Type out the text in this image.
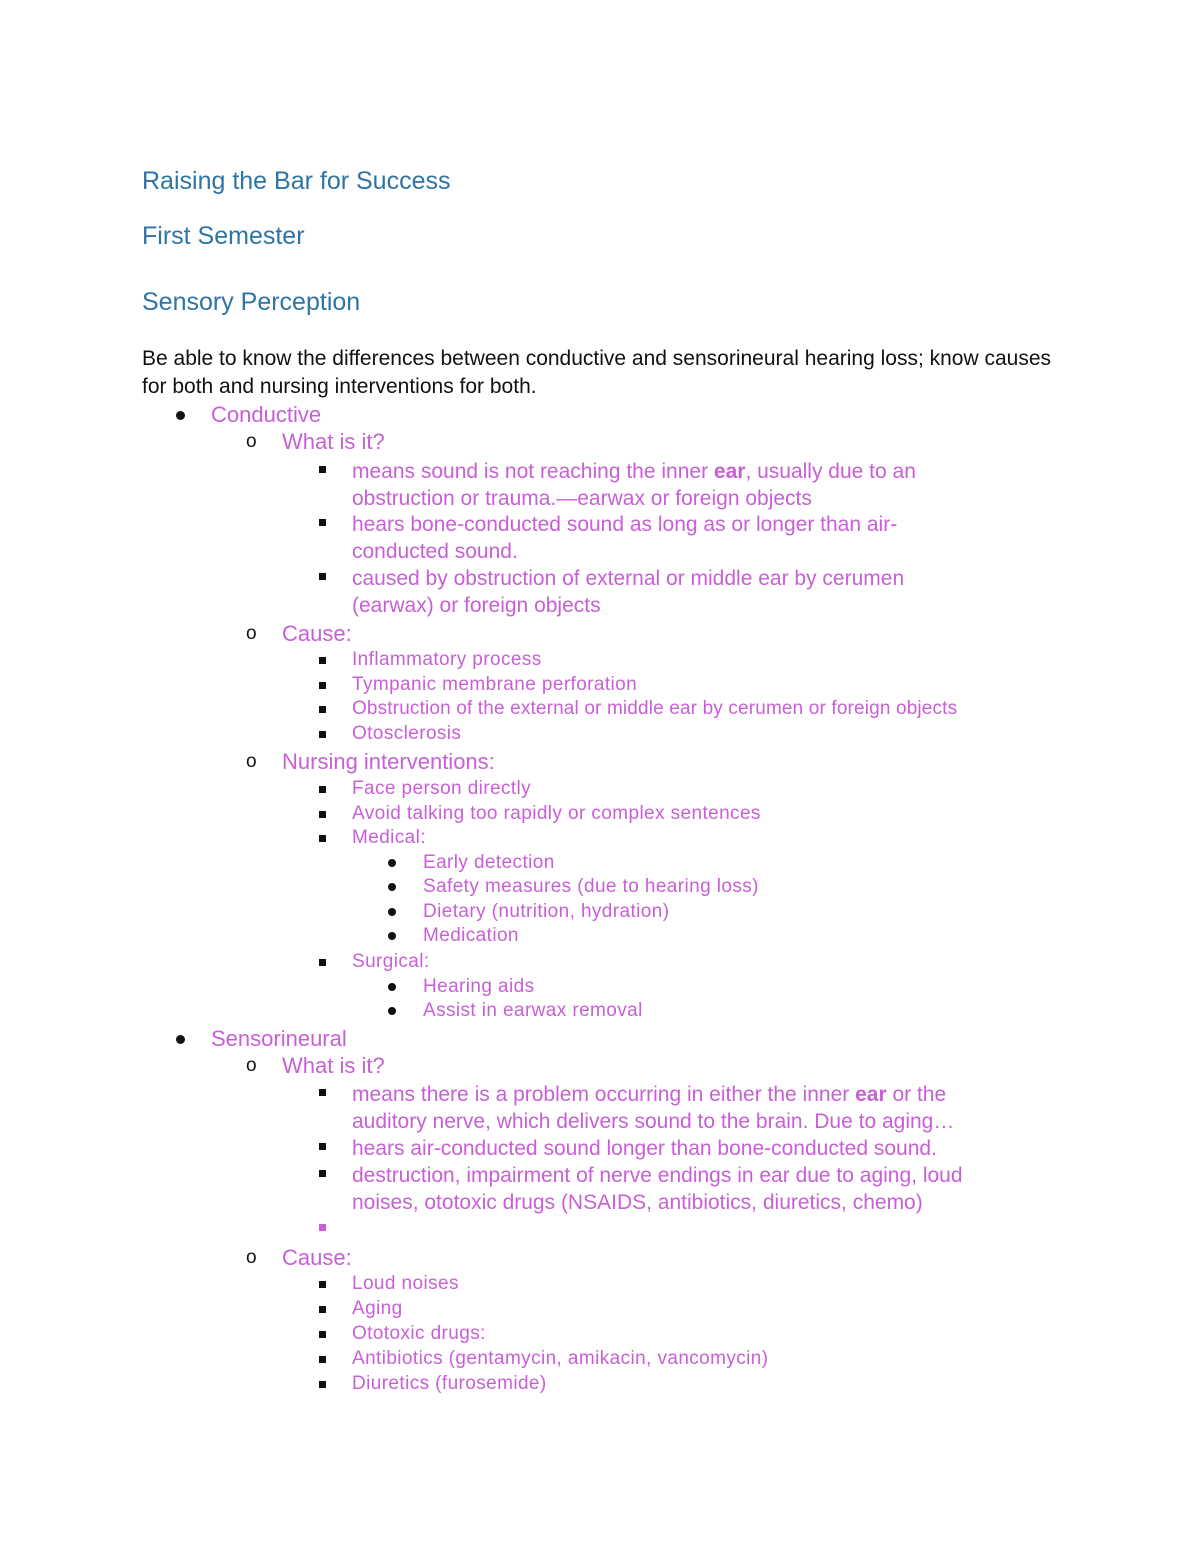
Raising the Bar for Success
First Semester
Sensory Perception
Be able to know the differences between conductive and sensorineural hearing loss; know causes for both and nursing interventions for both.
Conductive
o What is it?
means sound is not reaching the inner ear, usually due to an
obstruction or trauma.—earwax or foreign objects
hears bone-conducted sound as long as or longer than air-
conducted sound.
caused by obstruction of external or middle ear by cerumen
(earwax) or foreign objects
o Cause:
Inflammatory process
Tympanic membrane perforation
Obstruction of the external or middle ear by cerumen or foreign objects
Otosclerosis
o Nursing interventions:
Face person directly
Avoid talking too rapidly or complex sentences
Medical:
Early detection
Safety measures (due to hearing loss)
Dietary (nutrition, hydration)
Medication
Surgical:
Hearing aids
Assist in earwax removal
Sensorineural
o What is it?
means there is a problem occurring in either the inner ear or the
auditory nerve, which delivers sound to the brain. Due to aging…
hears air-conducted sound longer than bone-conducted sound.
destruction, impairment of nerve endings in ear due to aging, loud
noises, ototoxic drugs (NSAIDS, antibiotics, diuretics, chemo)
o Cause:
Loud noises
Aging
Ototoxic drugs:
Antibiotics (gentamycin, amikacin, vancomycin)
Diuretics (furosemide)
